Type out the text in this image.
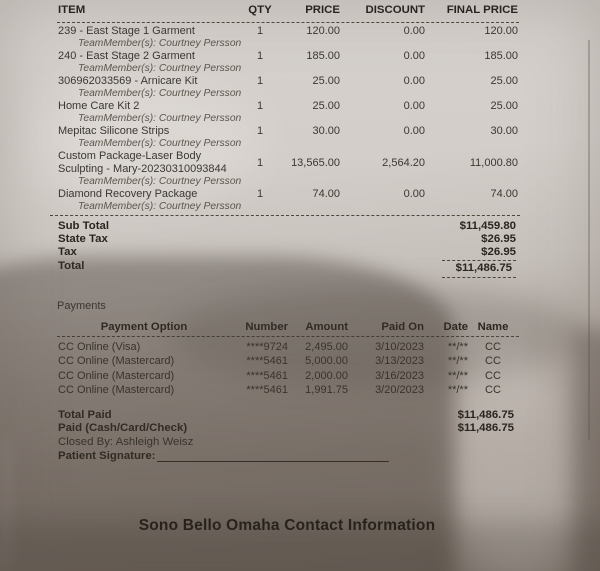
ITEM	QTY	PRICE	DISCOUNT	FINAL PRICE
239 - East Stage 1 Garment	1	120.00	0.00	120.00
TeamMember(s): Courtney Persson
240 - East Stage 2 Garment	1	185.00	0.00	185.00
TeamMember(s): Courtney Persson
306962033569 - Arnicare Kit	1	25.00	0.00	25.00
TeamMember(s): Courtney Persson
Home Care Kit 2	1	25.00	0.00	25.00
TeamMember(s): Courtney Persson
Mepitac Silicone Strips	1	30.00	0.00	30.00
TeamMember(s): Courtney Persson
Custom Package-Laser Body
Sculpting - Mary-20230310093844
1	13,565.00	2,564.20	11,000.80
TeamMember(s): Courtney Persson
Diamond Recovery Package	1	74.00	0.00	74.00
TeamMember(s): Courtney Persson
Sub Total	$11,459.80
State Tax	$26.95
Tax	$26.95
Total	$11,486.75
Payments
Payment Option	Number	Amount	Paid On	Date Name
CC Online (Visa)	****9724	2,495.00	3/10/2023	**/**	CC
CC Online (Mastercard)	****5461	5,000.00	3/13/2023	**/**	CC
CC Online (Mastercard)	****5461	2,000.00	3/16/2023	**/**	CC
CC Online (Mastercard)	****5461	1,991.75	3/20/2023	**/**	CC
Total Paid	$11,486.75
Paid (Cash/Card/Check)	$11,486.75
Closed By: Ashleigh Weisz
Patient Signature:
Sono Bello Omaha Contact Information
